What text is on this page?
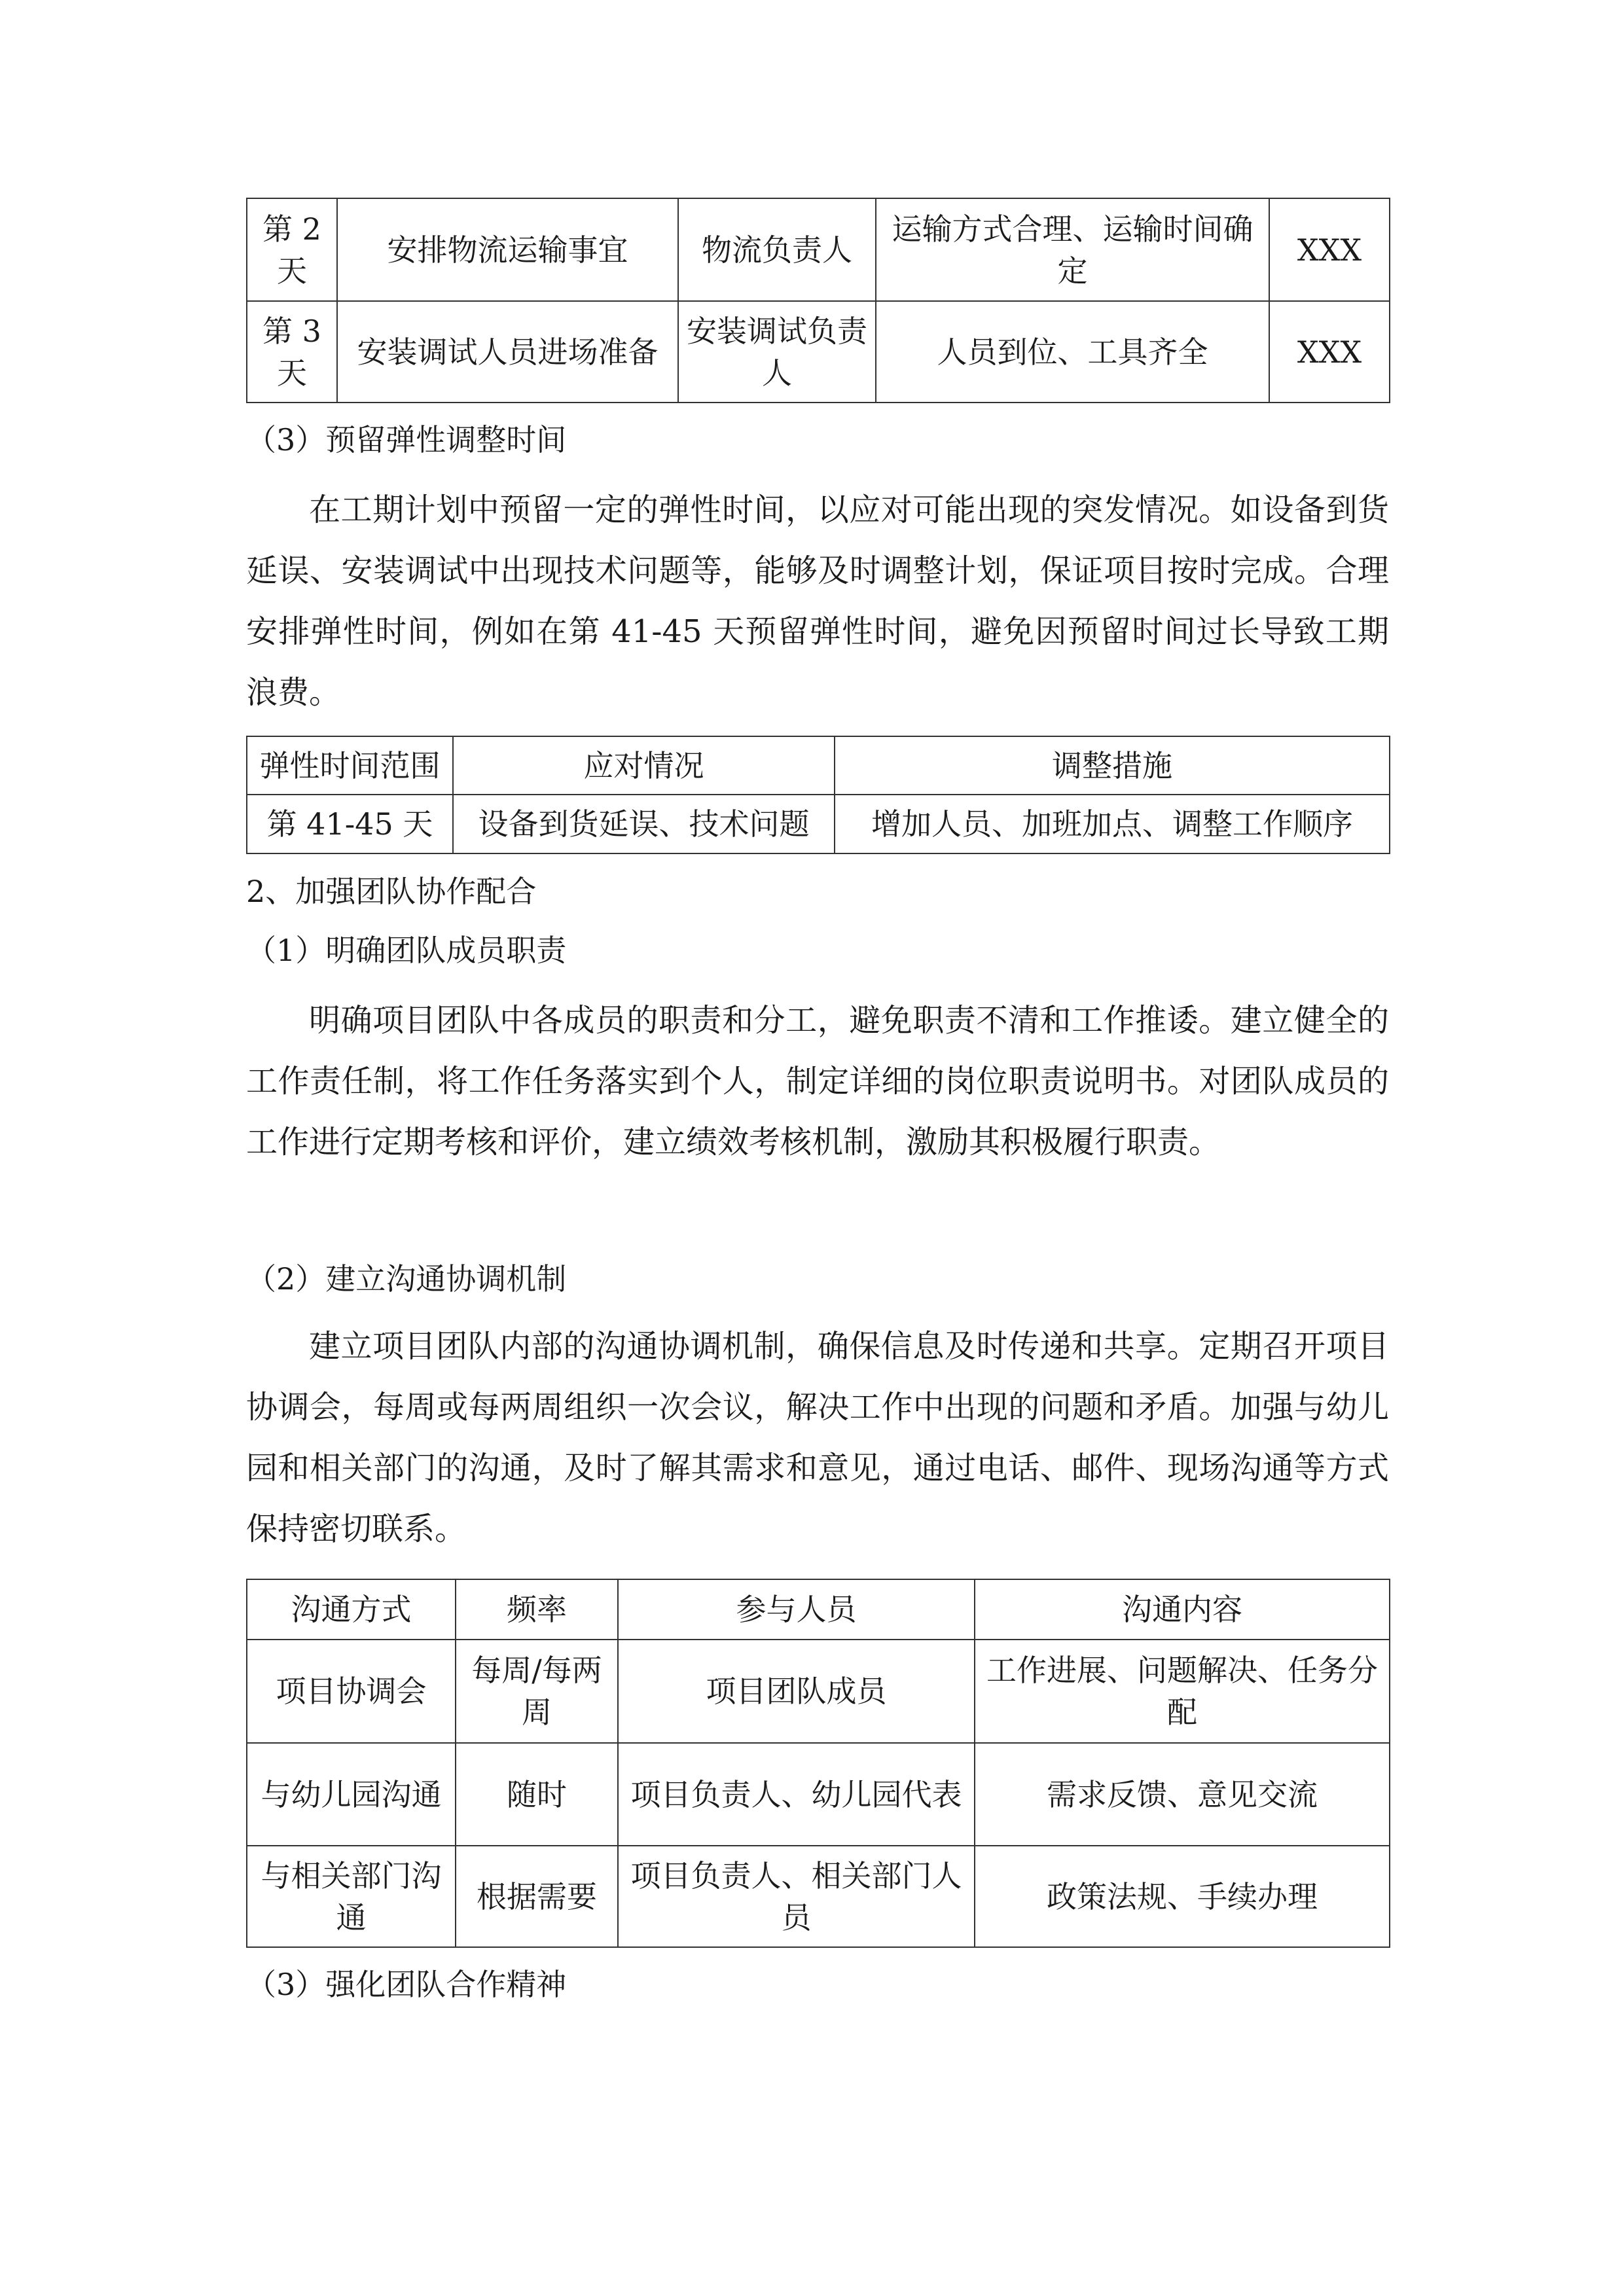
第 2 天	安排物流运输事宜	物流负责人	运输方式合理、运输时间确定	XXX
第 3 天	安装调试人员进场准备	安装调试负责人	人员到位、工具齐全	XXX
（3）预留弹性调整时间
在工期计划中预留一定的弹性时间，以应对可能出现的突发情况。如设备到货延误、安装调试中出现技术问题等，能够及时调整计划，保证项目按时完成。合理安排弹性时间，例如在第 41-45 天预留弹性时间，避免因预留时间过长导致工期浪费。
弹性时间范围	应对情况	调整措施
第 41-45 天	设备到货延误、技术问题	增加人员、加班加点、调整工作顺序
2、加强团队协作配合
（1）明确团队成员职责
明确项目团队中各成员的职责和分工，避免职责不清和工作推诿。建立健全的工作责任制，将工作任务落实到个人，制定详细的岗位职责说明书。对团队成员的工作进行定期考核和评价，建立绩效考核机制，激励其积极履行职责。
（2）建立沟通协调机制
建立项目团队内部的沟通协调机制，确保信息及时传递和共享。定期召开项目协调会，每周或每两周组织一次会议，解决工作中出现的问题和矛盾。加强与幼儿园和相关部门的沟通，及时了解其需求和意见，通过电话、邮件、现场沟通等方式保持密切联系。
沟通方式	频率	参与人员	沟通内容
项目协调会	每周/每两周	项目团队成员	工作进展、问题解决、任务分配
与幼儿园沟通	随时	项目负责人、幼儿园代表	需求反馈、意见交流
与相关部门沟通	根据需要	项目负责人、相关部门人员	政策法规、手续办理
（3）强化团队合作精神
